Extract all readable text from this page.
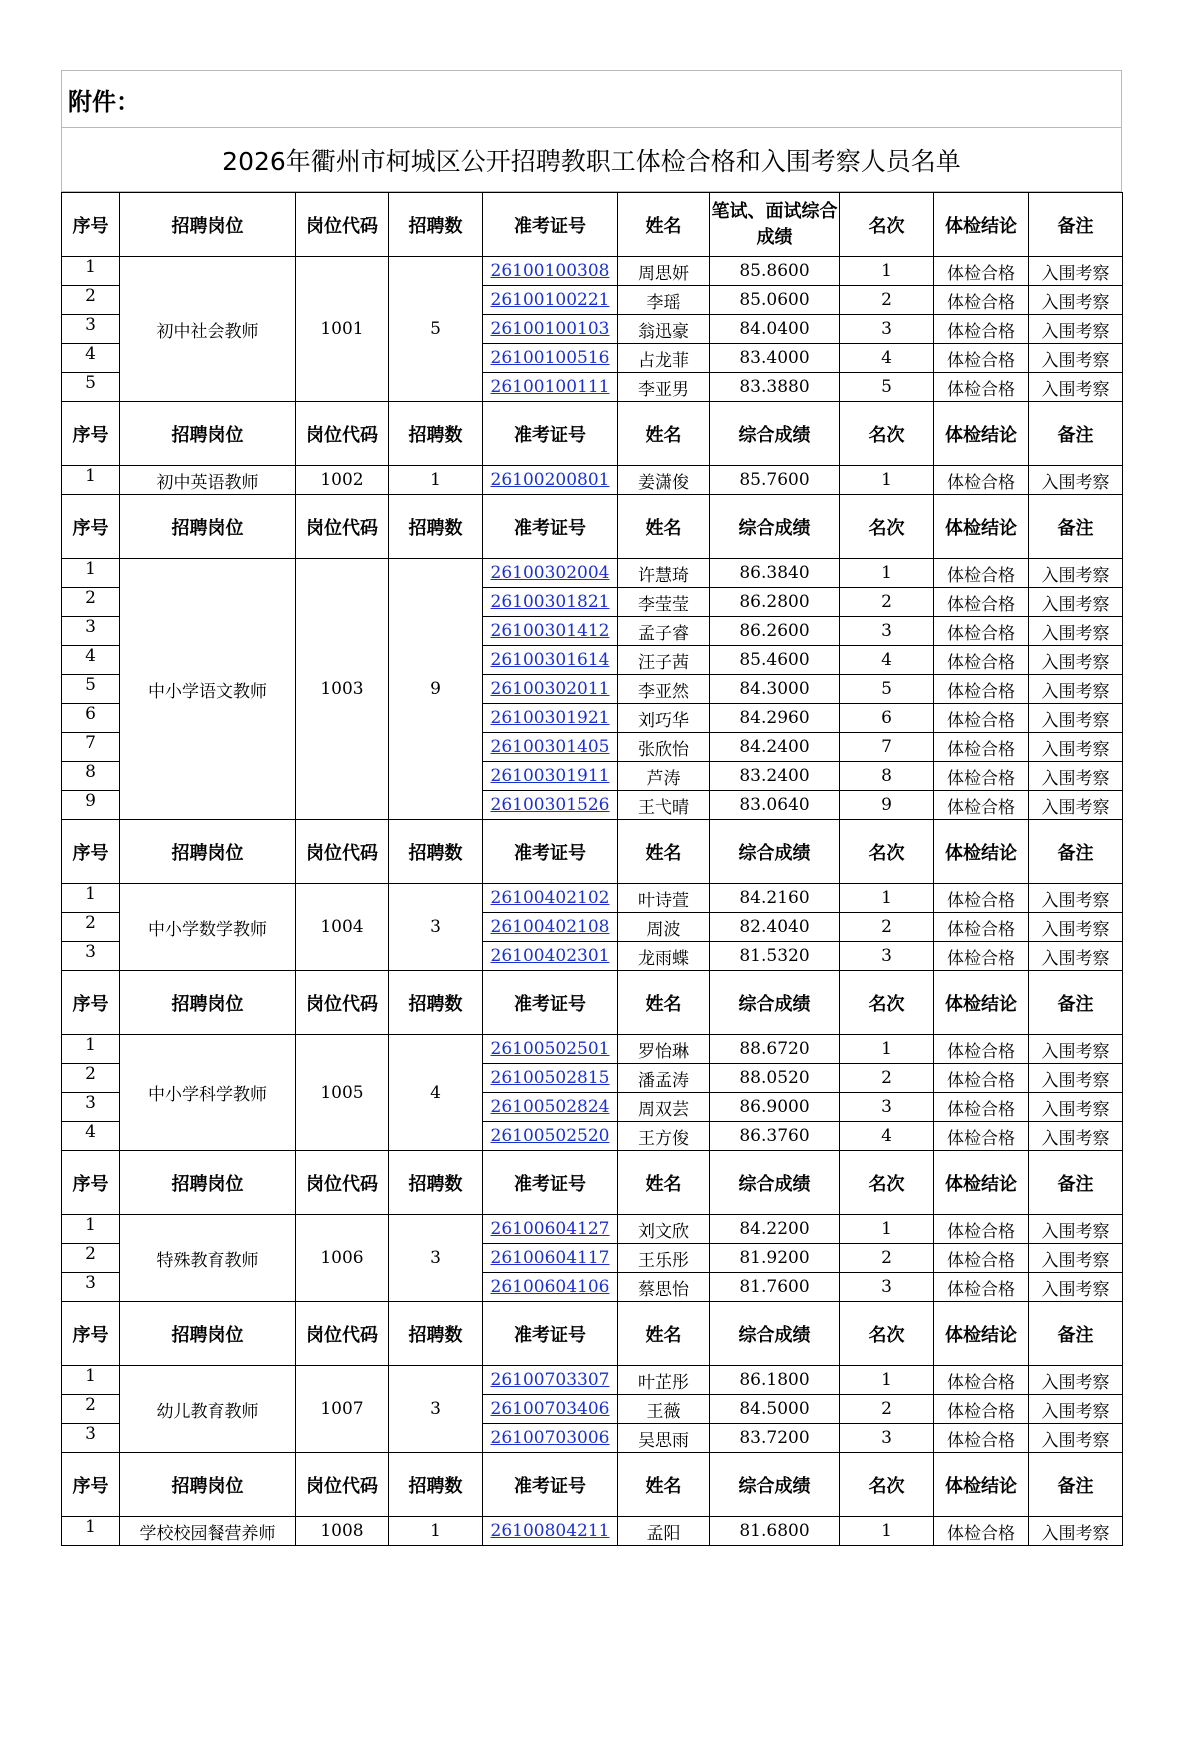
附件：
2026年衢州市柯城区公开招聘教职工体检合格和入围考察人员名单
序号	招聘岗位	岗位代码	招聘数	准考证号	姓名	笔试、面试综合成绩	名次	体检结论	备注
1	初中社会教师	1001	5	26100100308	周思妍	85.8600	1	体检合格	入围考察
2				26100100221	李瑶	85.0600	2	体检合格	入围考察
3				26100100103	翁迅豪	84.0400	3	体检合格	入围考察
4				26100100516	占龙菲	83.4000	4	体检合格	入围考察
5				26100100111	李亚男	83.3880	5	体检合格	入围考察
序号	招聘岗位	岗位代码	招聘数	准考证号	姓名	综合成绩	名次	体检结论	备注
1	初中英语教师	1002	1	26100200801	姜潇俊	85.7600	1	体检合格	入围考察
序号	招聘岗位	岗位代码	招聘数	准考证号	姓名	综合成绩	名次	体检结论	备注
1	中小学语文教师	1003	9	26100302004	许慧琦	86.3840	1	体检合格	入围考察
2				26100301821	李莹莹	86.2800	2	体检合格	入围考察
3				26100301412	孟子睿	86.2600	3	体检合格	入围考察
4				26100301614	汪子茜	85.4600	4	体检合格	入围考察
5				26100302011	李亚然	84.3000	5	体检合格	入围考察
6				26100301921	刘巧华	84.2960	6	体检合格	入围考察
7				26100301405	张欣怡	84.2400	7	体检合格	入围考察
8				26100301911	芦涛	83.2400	8	体检合格	入围考察
9				26100301526	王弋晴	83.0640	9	体检合格	入围考察
序号	招聘岗位	岗位代码	招聘数	准考证号	姓名	综合成绩	名次	体检结论	备注
1	中小学数学教师	1004	3	26100402102	叶诗萱	84.2160	1	体检合格	入围考察
2				26100402108	周波	82.4040	2	体检合格	入围考察
3				26100402301	龙雨蝶	81.5320	3	体检合格	入围考察
序号	招聘岗位	岗位代码	招聘数	准考证号	姓名	综合成绩	名次	体检结论	备注
1	中小学科学教师	1005	4	26100502501	罗怡琳	88.6720	1	体检合格	入围考察
2				26100502815	潘孟涛	88.0520	2	体检合格	入围考察
3				26100502824	周双芸	86.9000	3	体检合格	入围考察
4				26100502520	王方俊	86.3760	4	体检合格	入围考察
序号	招聘岗位	岗位代码	招聘数	准考证号	姓名	综合成绩	名次	体检结论	备注
1	特殊教育教师	1006	3	26100604127	刘文欣	84.2200	1	体检合格	入围考察
2				26100604117	王乐彤	81.9200	2	体检合格	入围考察
3				26100604106	蔡思怡	81.7600	3	体检合格	入围考察
序号	招聘岗位	岗位代码	招聘数	准考证号	姓名	综合成绩	名次	体检结论	备注
1	幼儿教育教师	1007	3	26100703307	叶芷彤	86.1800	1	体检合格	入围考察
2				26100703406	王薇	84.5000	2	体检合格	入围考察
3				26100703006	吴思雨	83.7200	3	体检合格	入围考察
序号	招聘岗位	岗位代码	招聘数	准考证号	姓名	综合成绩	名次	体检结论	备注
1	学校校园餐营养师	1008	1	26100804211	孟阳	81.6800	1	体检合格	入围考察
